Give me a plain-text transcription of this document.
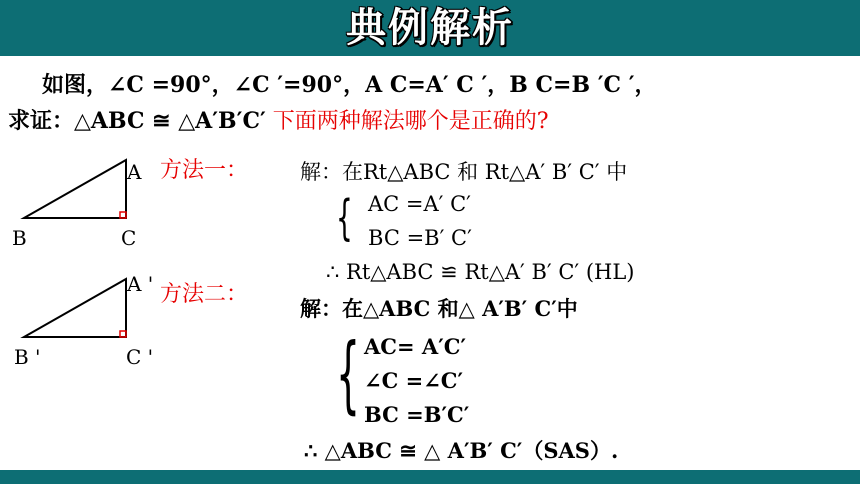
典例解析
如图，∠C =90°，∠C ′=90°，A C=A′ C ′，B C=B ′C ′，
求证：△ABC ≅ △A′B′C′ 下面两种解法哪个是正确的?
A
B	C
A '
B '	C '
方法一： 解：在Rt△ABC 和 Rt△A′ B′ C′ 中
{ AC =A′ C′
BC =B′ C′
∴ Rt△ABC ≌ Rt△A′ B′ C′ (HL)
方法二：
解：在△ABC 和△ A′B′ C′中
{ AC= A′C′
∠C =∠C′
BC =B′C′
∴ △ABC ≅ △ A′B′ C′（SAS）.
